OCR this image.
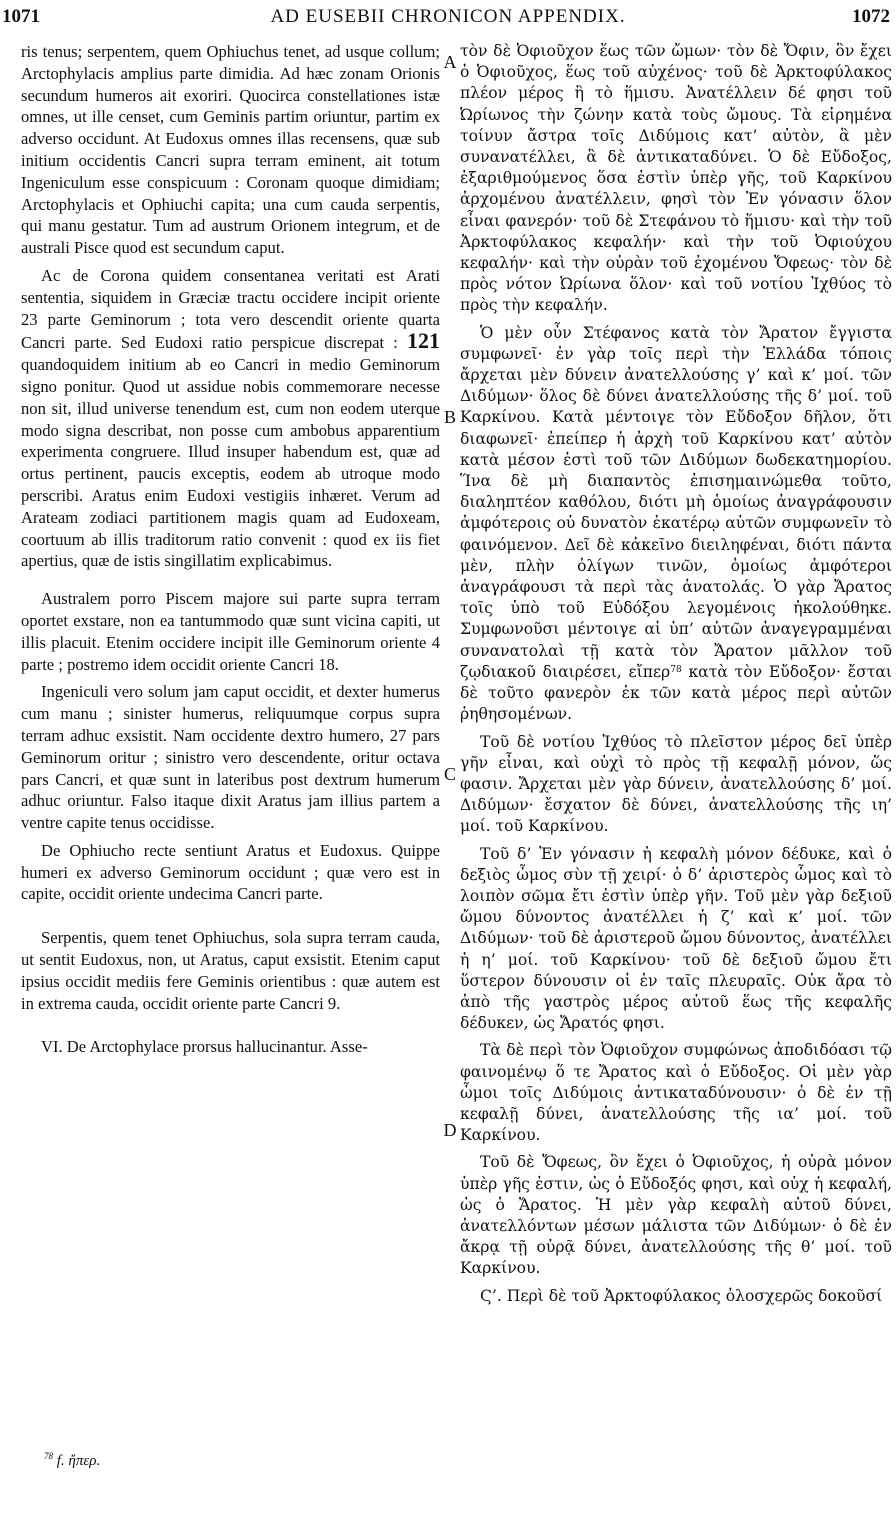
1071	AD EUSEBII CHRONICON APPENDIX.	1072

ris tenus; serpentem, quem Ophiuchus tenet, ad usque collum; Arctophylacis amplius parte dimidia. Ad hæc zonam Orionis secundum humeros ait exoriri. Quocirca constellationes istæ omnes, ut ille censet, cum Geminis partim oriuntur, partim ex adverso occidunt. At Eudoxus omnes illas recensens, quæ sub initium occidentis Cancri supra terram eminent, ait totum Ingeniculum esse conspicuum : Coronam quoque dimidiam; Arctophylacis et Ophiuchi capita; una cum cauda serpentis, qui manu gestatur. Tum ad austrum Orionem integrum, et de australi Pisce quod est secundum caput.

Ac de Corona quidem consentanea veritati est Arati sententia, siquidem in Græciæ tractu occidere incipit oriente 23 parte Geminorum ; tota vero descendit oriente quarta Cancri parte. Sed Eudoxi ratio perspicue discrepat : 121 quandoquidem initium ab eo Cancri in medio Geminorum signo ponitur. Quod ut assidue nobis commemorare necesse non sit, illud universe tenendum est, cum non eodem uterque modo signa describat, non posse cum ambobus apparentium experimenta congruere. Illud insuper habendum est, quæ ad ortus pertinent, paucis exceptis, eodem ab utroque modo perscribi. Aratus enim Eudoxi vestigiis inhæret. Verum ad Arateam zodiaci partitionem magis quam ad Eudoxeam, coortuum ab illis traditorum ratio convenit : quod ex iis fiet apertius, quæ de istis singillatim explicabimus.

Australem porro Piscem majore sui parte supra terram oportet exstare, non ea tantummodo quæ sunt vicina capiti, ut illis placuit. Etenim occidere incipit ille Geminorum oriente 4 parte ; postremo idem occidit oriente Cancri 18.

Ingeniculi vero solum jam caput occidit, et dexter humerus cum manu ; sinister humerus, reliquumque corpus supra terram adhuc exsistit. Nam occidente dextro humero, 27 pars Geminorum oritur ; sinistro vero descendente, oritur octava pars Cancri, et quæ sunt in lateribus post dextrum humerum adhuc oriuntur. Falso itaque dixit Aratus jam illius partem a ventre capite tenus occidisse.

De Ophiucho recte sentiunt Aratus et Eudoxus. Quippe humeri ex adverso Geminorum occidunt ; quæ vero est in capite, occidit oriente undecima Cancri parte.

Serpentis, quem tenet Ophiuchus, sola supra terram cauda, ut sentit Eudoxus, non, ut Aratus, caput exsistit. Etenim caput ipsius occidit mediis fere Geminis orientibus : quæ autem est in extrema cauda, occidit oriente parte Cancri 9.

VI. De Arctophylace prorsus hallucinantur. Asse-

A
B
C
D

τὸν δὲ Ὀφιοῦχον ἕως τῶν ὤμων· τὸν δὲ Ὄφιν, ὃν ἔχει ὁ Ὀφιοῦχος, ἕως τοῦ αὐχένος· τοῦ δὲ Ἀρκτοφύλακος πλέον μέρος ἢ τὸ ἥμισυ. Ἀνατέλλειν δέ φησι τοῦ Ὠρίωνος τὴν ζώνην κατὰ τοὺς ὤμους. Τὰ εἰρημένα τοίνυν ἄστρα τοῖς Διδύμοις κατ’ αὐτὸν, ἃ μὲν συνανατέλλει, ἃ δὲ ἀντικαταδύνει. Ὁ δὲ Εὔδοξος, ἐξαριθμούμενος ὅσα ἐστὶν ὑπὲρ γῆς, τοῦ Καρκίνου ἀρχομένου ἀνατέλλειν, φησὶ τὸν Ἐν γόνασιν ὅλον εἶναι φανερόν· τοῦ δὲ Στεφάνου τὸ ἥμισυ· καὶ τὴν τοῦ Ἀρκτοφύλακος κεφαλήν· καὶ τὴν τοῦ Ὀφιούχου κεφαλήν· καὶ τὴν οὐρὰν τοῦ ἐχομένου Ὄφεως· τὸν δὲ πρὸς νότον Ὠρίωνα ὅλον· καὶ τοῦ νοτίου Ἰχθύος τὸ πρὸς τὴν κεφαλήν.

Ὁ μὲν οὖν Στέφανος κατὰ τὸν Ἄρατον ἔγγιστα συμφωνεῖ· ἐν γὰρ τοῖς περὶ τὴν Ἑλλάδα τόποις ἄρχεται μὲν δύνειν ἀνατελλούσης γ’ καὶ κ’ μοί. τῶν Διδύμων· ὅλος δὲ δύνει ἀνατελλούσης τῆς δ’ μοί. τοῦ Καρκίνου. Κατὰ μέντοιγε τὸν Εὔδοξον δῆλον, ὅτι διαφωνεῖ· ἐπείπερ ἡ ἀρχὴ τοῦ Καρκίνου κατ’ αὐτὸν κατὰ μέσον ἐστὶ τοῦ τῶν Διδύμων δωδεκατημορίου. Ἵνα δὲ μὴ διαπαντὸς ἐπισημαινώμεθα τοῦτο, διαληπτέον καθόλου, διότι μὴ ὁμοίως ἀναγράφουσιν ἀμφότεροις οὐ δυνατὸν ἑκατέρῳ αὐτῶν συμφωνεῖν τὸ φαινόμενον. Δεῖ δὲ κἀκεῖνο διειληφέναι, διότι πάντα μὲν, πλὴν ὀλίγων τινῶν, ὁμοίως ἀμφότεροι ἀναγράφουσι τὰ περὶ τὰς ἀνατολάς. Ὁ γὰρ Ἄρατος τοῖς ὑπὸ τοῦ Εὐδόξου λεγομένοις ἠκολούθηκε. Συμφωνοῦσι μέντοιγε αἱ ὑπ’ αὐτῶν ἀναγεγραμμέναι συνανατολαὶ τῇ κατὰ τὸν Ἄρατον μᾶλλον τοῦ ζῳδιακοῦ διαιρέσει, εἴπερ$^{78}$ κατὰ τὸν Εὔδοξον· ἔσται δὲ τοῦτο φανερὸν ἐκ τῶν κατὰ μέρος περὶ αὐτῶν ῥηθησομένων.

Τοῦ δὲ νοτίου Ἰχθύος τὸ πλεῖστον μέρος δεῖ ὑπὲρ γῆν εἶναι, καὶ οὐχὶ τὸ πρὸς τῇ κεφαλῇ μόνον, ὥς φασιν. Ἄρχεται μὲν γὰρ δύνειν, ἀνατελλούσης δ’ μοί. Διδύμων· ἔσχατον δὲ δύνει, ἀνατελλούσης τῆς ιη’ μοί. τοῦ Καρκίνου.

Τοῦ δ’ Ἐν γόνασιν ἡ κεφαλὴ μόνον δέδυκε, καὶ ὁ δεξιὸς ὦμος σὺν τῇ χειρί· ὁ δ’ ἀριστερὸς ὦμος καὶ τὸ λοιπὸν σῶμα ἔτι ἐστὶν ὑπὲρ γῆν. Τοῦ μὲν γὰρ δεξιοῦ ὤμου δύνοντος ἀνατέλλει ἡ ζ’ καὶ κ’ μοί. τῶν Διδύμων· τοῦ δὲ ἀριστεροῦ ὤμου δύνοντος, ἀνατέλλει ἡ η’ μοί. τοῦ Καρκίνου· τοῦ δὲ δεξιοῦ ὤμου ἔτι ὕστερον δύνουσιν οἱ ἐν ταῖς πλευραῖς. Οὐκ ἄρα τὸ ἀπὸ τῆς γαστρὸς μέρος αὐτοῦ ἕως τῆς κεφαλῆς δέδυκεν, ὡς Ἄρατός φησι.

Τὰ δὲ περὶ τὸν Ὀφιοῦχον συμφώνως ἀποδιδόασι τῷ φαινομένῳ ὅ τε Ἄρατος καὶ ὁ Εὔδοξος. Οἱ μὲν γὰρ ὦμοι τοῖς Διδύμοις ἀντικαταδύνουσιν· ὁ δὲ ἐν τῇ κεφαλῇ δύνει, ἀνατελλούσης τῆς ια’ μοί. τοῦ Καρκίνου.

Τοῦ δὲ Ὄφεως, ὃν ἔχει ὁ Ὀφιοῦχος, ἡ οὐρὰ μόνον ὑπὲρ γῆς ἐστιν, ὡς ὁ Εὔδοξός φησι, καὶ οὐχ ἡ κεφαλή, ὡς ὁ Ἄρατος. Ἡ μὲν γὰρ κεφαλὴ αὐτοῦ δύνει, ἀνατελλόντων μέσων μάλιστα τῶν Διδύμων· ὁ δὲ ἐν ἄκρᾳ τῇ οὐρᾷ δύνει, ἀνατελλούσης τῆς θ’ μοί. τοῦ Καρκίνου.

Ϛ’. Περὶ δὲ τοῦ Ἀρκτοφύλακος ὁλοσχερῶς δοκοῦσί

$^{78}$ f. ἤπερ.
